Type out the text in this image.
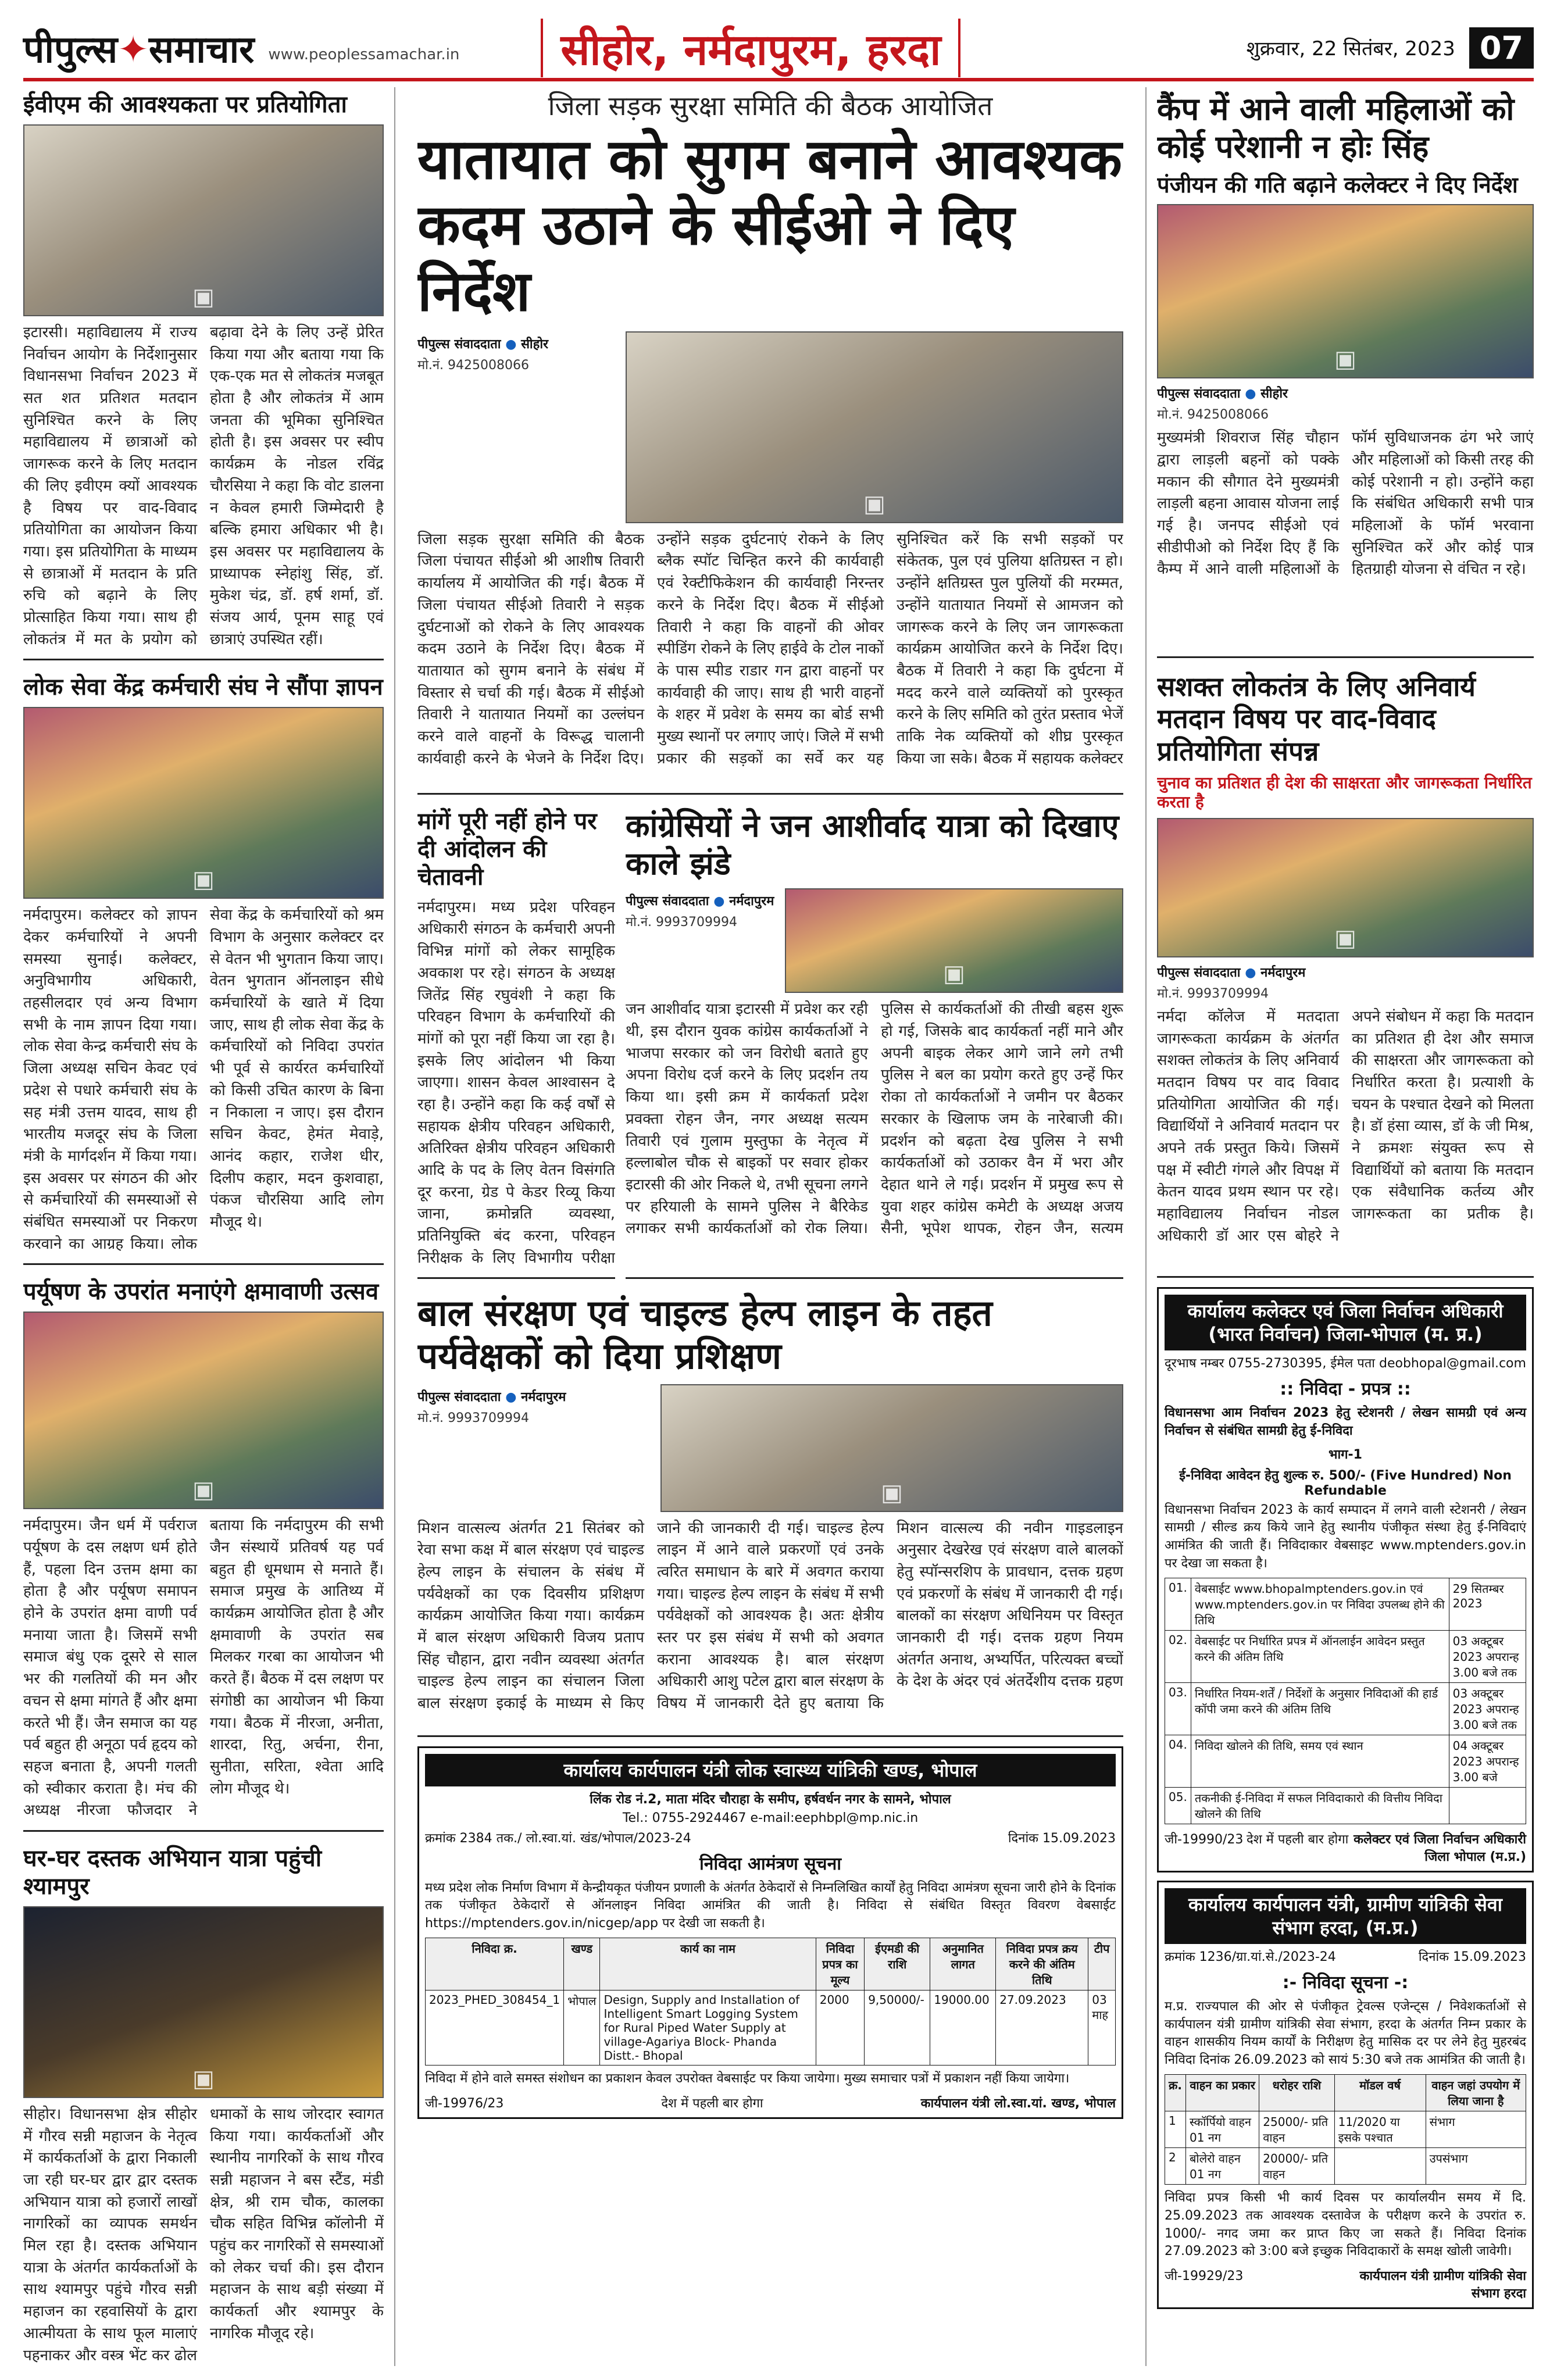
पीपुल्स✦समाचार www.peoplessamachar.in	सीहोर, नर्मदापुरम, हरदा	शुक्रवार, 22 सितंबर, 2023 07
ईवीएम की आवश्यकता पर प्रतियोगिता
▣
इटारसी। महाविद्यालय में राज्य निर्वाचन आयोग के निर्देशानुसार विधानसभा निर्वाचन 2023 में सत शत प्रतिशत मतदान सुनिश्चित करने के लिए महाविद्यालय में छात्राओं को जागरूक करने के लिए मतदान की लिए इवीएम क्यों आवश्यक है विषय पर वाद-विवाद प्रतियोगिता का आयोजन किया गया। इस प्रतियोगिता के माध्यम से छात्राओं में मतदान के प्रति रुचि को बढ़ाने के लिए प्रोत्साहित किया गया। साथ ही लोकतंत्र में मत के प्रयोग को बढ़ावा देने के लिए उन्हें प्रेरित किया गया और बताया गया कि एक-एक मत से लोकतंत्र मजबूत होता है और लोकतंत्र में आम जनता की भूमिका सुनिश्चित होती है। इस अवसर पर स्वीप कार्यक्रम के नोडल रविंद्र चौरसिया ने कहा कि वोट डालना न केवल हमारी जिम्मेदारी है बल्कि हमारा अधिकार भी है। इस अवसर पर महाविद्यालय के प्राध्यापक स्नेहांशु सिंह, डॉ. मुकेश चंद्र, डॉ. हर्ष शर्मा, डॉ. संजय आर्य, पूनम साहू एवं छात्राएं उपस्थित रहीं।
लोक सेवा केंद्र कर्मचारी संघ ने सौंपा ज्ञापन
▣
नर्मदापुरम। कलेक्टर को ज्ञापन देकर कर्मचारियों ने अपनी समस्या सुनाई। कलेक्टर, अनुविभागीय अधिकारी, तहसीलदार एवं अन्य विभाग सभी के नाम ज्ञापन दिया गया। लोक सेवा केन्द्र कर्मचारी संघ के जिला अध्यक्ष सचिन केवट एवं प्रदेश से पधारे कर्मचारी संघ के सह मंत्री उत्तम यादव, साथ ही भारतीय मजदूर संघ के जिला मंत्री के मार्गदर्शन में किया गया। इस अवसर पर संगठन की ओर से कर्मचारियों की समस्याओं से संबंधित समस्याओं पर निकरण करवाने का आग्रह किया। लोक सेवा केंद्र के कर्मचारियों को श्रम विभाग के अनुसार कलेक्टर दर से वेतन भी भुगतान किया जाए। वेतन भुगतान ऑनलाइन सीधे कर्मचारियों के खाते में दिया जाए, साथ ही लोक सेवा केंद्र के कर्मचारियों को निविदा उपरांत भी पूर्व से कार्यरत कर्मचारियों को किसी उचित कारण के बिना न निकाला न जाए। इस दौरान सचिन केवट, हेमंत मेवाड़े, आनंद कहार, राजेश धीर, दिलीप कहार, मदन कुशवाहा, पंकज चौरसिया आदि लोग मौजूद थे।
पर्यूषण के उपरांत मनाएंगे क्षमावाणी उत्सव
▣
नर्मदापुरम। जैन धर्म में पर्वराज पर्यूषण के दस लक्षण धर्म होते हैं, पहला दिन उत्तम क्षमा का होता है और पर्यूषण समापन होने के उपरांत क्षमा वाणी पर्व मनाया जाता है। जिसमें सभी समाज बंधु एक दूसरे से साल भर की गलतियों की मन और वचन से क्षमा मांगते हैं और क्षमा करते भी हैं। जैन समाज का यह पर्व बहुत ही अनूठा पर्व हृदय को सहज बनाता है, अपनी गलती को स्वीकार कराता है। मंच की अध्यक्ष नीरजा फौजदार ने बताया कि नर्मदापुरम की सभी जैन संस्थायें प्रतिवर्ष यह पर्व बहुत ही धूमधाम से मनाते हैं। समाज प्रमुख के आतिथ्य में कार्यक्रम आयोजित होता है और क्षमावाणी के उपरांत सब मिलकर गरबा का आयोजन भी करते हैं। बैठक में दस लक्षण पर संगोष्ठी का आयोजन भी किया गया। बैठक में नीरजा, अनीता, शारदा, रितु, अर्चना, रीना, सुनीता, सरिता, श्वेता आदि लोग मौजूद थे।
घर-घर दस्तक अभियान यात्रा पहुंची श्यामपुर
▣
सीहोर। विधानसभा क्षेत्र सीहोर में गौरव सन्नी महाजन के नेतृत्व में कार्यकर्ताओं के द्वारा निकाली जा रही घर-घर द्वार द्वार दस्तक अभियान यात्रा को हजारों लाखों नागरिकों का व्यापक समर्थन मिल रहा है। दस्तक अभियान यात्रा के अंतर्गत कार्यकर्ताओं के साथ श्यामपुर पहुंचे गौरव सन्नी महाजन का रहवासियों के द्वारा आत्मीयता के साथ फूल मालाएं पहनाकर और वस्त्र भेंट कर ढोल धमाकों के साथ जोरदार स्वागत किया गया। कार्यकर्ताओं और स्थानीय नागरिकों के साथ गौरव सन्नी महाजन ने बस स्टैंड, मंडी क्षेत्र, श्री राम चौक, कालका चौक सहित विभिन्न कॉलोनी में पहुंच कर नागरिकों से समस्याओं को लेकर चर्चा की। इस दौरान महाजन के साथ बड़ी संख्या में कार्यकर्ता और श्यामपुर के नागरिक मौजूद रहे।
जिला सड़क सुरक्षा समिति की बैठक आयोजित
यातायात को सुगम बनाने आवश्यक कदम उठाने के सीईओ ने दिए निर्देश
पीपुल्स संवाददाता ● सीहोर
मो.नं. 9425008066
▣
जिला सड़क सुरक्षा समिति की बैठक जिला पंचायत सीईओ श्री आशीष तिवारी कार्यालय में आयोजित की गई। बैठक में जिला पंचायत सीईओ तिवारी ने सड़क दुर्घटनाओं को रोकने के लिए आवश्यक कदम उठाने के निर्देश दिए। बैठक में यातायात को सुगम बनाने के संबंध में विस्तार से चर्चा की गई। बैठक में सीईओ तिवारी ने यातायात नियमों का उल्लंघन करने वाले वाहनों के विरूद्ध चालानी कार्यवाही करने के भेजने के निर्देश दिए। उन्होंने सड़क दुर्घटनाएं रोकने के लिए ब्लैक स्पॉट चिन्हित करने की कार्यवाही एवं रेक्टीफिकेशन की कार्यवाही निरन्तर करने के निर्देश दिए। बैठक में सीईओ तिवारी ने कहा कि वाहनों की ओवर स्पीडिंग रोकने के लिए हाईवे के टोल नाकों के पास स्पीड राडार गन द्वारा वाहनों पर कार्यवाही की जाए। साथ ही भारी वाहनों के शहर में प्रवेश के समय का बोर्ड सभी मुख्य स्थानों पर लगाए जाएं। जिले में सभी प्रकार की सड़कों का सर्वे कर यह सुनिश्चित करें कि सभी सड़कों पर संकेतक, पुल एवं पुलिया क्षतिग्रस्त न हो। उन्होंने क्षतिग्रस्त पुल पुलियों की मरम्मत, उन्होंने यातायात नियमों से आमजन को जागरूक करने के लिए जन जागरूकता कार्यक्रम आयोजित करने के निर्देश दिए। बैठक में तिवारी ने कहा कि दुर्घटना में मदद करने वाले व्यक्तियों को पुरस्कृत करने के लिए समिति को तुरंत प्रस्ताव भेजें ताकि नेक व्यक्तियों को शीघ्र पुरस्कृत किया जा सके। बैठक में सहायक कलेक्टर
मांगें पूरी नहीं होने पर दी आंदोलन की चेतावनी
नर्मदापुरम। मध्य प्रदेश परिवहन अधिकारी संगठन के कर्मचारी अपनी विभिन्न मांगों को लेकर सामूहिक अवकाश पर रहे। संगठन के अध्यक्ष जितेंद्र सिंह रघुवंशी ने कहा कि परिवहन विभाग के कर्मचारियों की मांगों को पूरा नहीं किया जा रहा है। इसके लिए आंदोलन भी किया जाएगा। शासन केवल आश्वासन दे रहा है। उन्होंने कहा कि कई वर्षों से सहायक क्षेत्रीय परिवहन अधिकारी, अतिरिक्त क्षेत्रीय परिवहन अधिकारी आदि के पद के लिए वेतन विसंगति दूर करना, ग्रेड पे केडर रिव्यू किया जाना, क्रमोन्नति व्यवस्था, प्रतिनियुक्ति बंद करना, परिवहन निरीक्षक के लिए विभागीय परीक्षा
कांग्रेसियों ने जन आशीर्वाद यात्रा को दिखाए काले झंडे
पीपुल्स संवाददाता ● नर्मदापुरम
मो.नं. 9993709994
▣
जन आशीर्वाद यात्रा इटारसी में प्रवेश कर रही थी, इस दौरान युवक कांग्रेस कार्यकर्ताओं ने भाजपा सरकार को जन विरोधी बताते हुए अपना विरोध दर्ज करने के लिए प्रदर्शन तय किया था। इसी क्रम में कार्यकर्ता प्रदेश प्रवक्ता रोहन जैन, नगर अध्यक्ष सत्यम तिवारी एवं गुलाम मुस्तुफा के नेतृत्व में हल्लाबोल चौक से बाइकों पर सवार होकर इटारसी की ओर निकले थे, तभी सूचना लगने पर हरियाली के सामने पुलिस ने बैरिकेड लगाकर सभी कार्यकर्ताओं को रोक लिया। पुलिस से कार्यकर्ताओं की तीखी बहस शुरू हो गई, जिसके बाद कार्यकर्ता नहीं माने और अपनी बाइक लेकर आगे जाने लगे तभी पुलिस ने बल का प्रयोग करते हुए उन्हें फिर रोका तो कार्यकर्ताओं ने जमीन पर बैठकर सरकार के खिलाफ जम के नारेबाजी की। प्रदर्शन को बढ़ता देख पुलिस ने सभी कार्यकर्ताओं को उठाकर वैन में भरा और देहात थाने ले गई। प्रदर्शन में प्रमुख रूप से युवा शहर कांग्रेस कमेटी के अध्यक्ष अजय सैनी, भूपेश थापक, रोहन जैन, सत्यम
बाल संरक्षण एवं चाइल्ड हेल्प लाइन के तहत पर्यवेक्षकों को दिया प्रशिक्षण
पीपुल्स संवाददाता ● नर्मदापुरम
मो.नं. 9993709994
▣
मिशन वात्सल्य अंतर्गत 21 सितंबर को रेवा सभा कक्ष में बाल संरक्षण एवं चाइल्ड हेल्प लाइन के संचालन के संबंध में पर्यवेक्षकों का एक दिवसीय प्रशिक्षण कार्यक्रम आयोजित किया गया। कार्यक्रम में बाल संरक्षण अधिकारी विजय प्रताप सिंह चौहान, द्वारा नवीन व्यवस्था अंतर्गत चाइल्ड हेल्प लाइन का संचालन जिला बाल संरक्षण इकाई के माध्यम से किए जाने की जानकारी दी गई। चाइल्ड हेल्प लाइन में आने वाले प्रकरणों एवं उनके त्वरित समाधान के बारे में अवगत कराया गया। चाइल्ड हेल्प लाइन के संबंध में सभी पर्यवेक्षकों को आवश्यक है। अतः क्षेत्रीय स्तर पर इस संबंध में सभी को अवगत कराना आवश्यक है। बाल संरक्षण अधिकारी आशु पटेल द्वारा बाल संरक्षण के विषय में जानकारी देते हुए बताया कि मिशन वात्सल्य की नवीन गाइडलाइन अनुसार देखरेख एवं संरक्षण वाले बालकों हेतु स्पॉन्सरशिप के प्रावधान, दत्तक ग्रहण एवं प्रकरणों के संबंध में जानकारी दी गई। बालकों का संरक्षण अधिनियम पर विस्तृत जानकारी दी गई। दत्तक ग्रहण नियम अंतर्गत अनाथ, अभ्यर्पित, परित्यक्त बच्चों के देश के अंदर एवं अंतर्देशीय दत्तक ग्रहण
कार्यालय कार्यपालन यंत्री लोक स्वास्थ्य यांत्रिकी खण्ड, भोपाल
लिंक रोड नं.2, माता मंदिर चौराहा के समीप, हर्षवर्धन नगर के सामने, भोपाल
Tel.: 0755-2924467 e-mail:eephbpl@mp.nic.in
क्रमांक 2384 तक./ लो.स्वा.यां. खंड/भोपाल/2023-24	दिनांक 15.09.2023
निविदा आमंत्रण सूचना
मध्य प्रदेश लोक निर्माण विभाग में केन्द्रीयकृत पंजीयन प्रणाली के अंतर्गत ठेकेदारों से निम्नलिखित कार्यों हेतु निविदा आमंत्रण सूचना जारी होने के दिनांक तक पंजीकृत ठेकेदारों से ऑनलाइन निविदा आमंत्रित की जाती है। निविदा से संबंधित विस्तृत विवरण वेबसाईट https://mptenders.gov.in/nicgep/app पर देखी जा सकती है।
निविदा क्र.	खण्ड	कार्य का नाम	निविदा प्रपत्र का मूल्य	ईएमडी की राशि	अनुमानित लागत	निविदा प्रपत्र क्रय करने की अंतिम तिथि	टीप
2023_PHED_308454_1	भोपाल	Design, Supply and Installation of Intelligent Smart Logging System for Rural Piped Water Supply at village-Agariya Block- Phanda Distt.- Bhopal	2000	9,50000/-	19000.00	27.09.2023	03 माह
निविदा में होने वाले समस्त संशोधन का प्रकाशन केवल उपरोक्त वेबसाईट पर किया जायेगा। मुख्य समाचार पत्रों में प्रकाशन नहीं किया जायेगा।
जी-19976/23	देश में पहली बार होगा	कार्यपालन यंत्री लो.स्वा.यां. खण्ड, भोपाल
कैंप में आने वाली महिलाओं को कोई परेशानी न होः सिंह
पंजीयन की गति बढ़ाने कलेक्टर ने दिए निर्देश
▣
पीपुल्स संवाददाता ● सीहोर
मो.नं. 9425008066
मुख्यमंत्री शिवराज सिंह चौहान द्वारा लाड़ली बहनों को पक्के मकान की सौगात देने मुख्यमंत्री लाड़ली बहना आवास योजना लाई गई है। जनपद सीईओ एवं सीडीपीओ को निर्देश दिए हैं कि कैम्प में आने वाली महिलाओं के फॉर्म सुविधाजनक ढंग भरे जाएं और महिलाओं को किसी तरह की कोई परेशानी न हो। उन्होंने कहा कि संबंधित अधिकारी सभी पात्र महिलाओं के फॉर्म भरवाना सुनिश्चित करें और कोई पात्र हितग्राही योजना से वंचित न रहे।
सशक्त लोकतंत्र के लिए अनिवार्य मतदान विषय पर वाद-विवाद प्रतियोगिता संपन्न
चुनाव का प्रतिशत ही देश की साक्षरता और जागरूकता निर्धारित करता है
▣
पीपुल्स संवाददाता ● नर्मदापुरम
मो.नं. 9993709994
नर्मदा कॉलेज में मतदाता जागरूकता कार्यक्रम के अंतर्गत सशक्त लोकतंत्र के लिए अनिवार्य मतदान विषय पर वाद विवाद प्रतियोगिता आयोजित की गई। विद्यार्थियों ने अनिवार्य मतदान पर अपने तर्क प्रस्तुत किये। जिसमें पक्ष में स्वीटी गंगले और विपक्ष में केतन यादव प्रथम स्थान पर रहे। महाविद्यालय निर्वाचन नोडल अधिकारी डॉ आर एस बोहरे ने अपने संबोधन में कहा कि मतदान का प्रतिशत ही देश और समाज की साक्षरता और जागरूकता को निर्धारित करता है। प्रत्याशी के चयन के पश्चात देखने को मिलता है। डॉ हंसा व्यास, डॉ के जी मिश्र, ने क्रमशः संयुक्त रूप से विद्यार्थियों को बताया कि मतदान एक संवैधानिक कर्तव्य और जागरूकता का प्रतीक है।
कार्यालय कलेक्टर एवं जिला निर्वाचन अधिकारी (भारत निर्वाचन) जिला-भोपाल (म. प्र.)
दूरभाष नम्बर 0755-2730395, ईमेल पता deobhopal@gmail.com
:: निविदा - प्रपत्र ::
विधानसभा आम निर्वाचन 2023 हेतु स्टेशनरी / लेखन सामग्री एवं अन्य निर्वाचन से संबंधित सामग्री हेतु ई-निविदा
भाग-1
ई-निविदा आवेदन हेतु शुल्क रु. 500/- (Five Hundred) Non Refundable
विधानसभा निर्वाचन 2023 के कार्य सम्पादन में लगने वाली स्टेशनरी / लेखन सामग्री / सील्ड क्रय किये जाने हेतु स्थानीय पंजीकृत संस्था हेतु ई-निविदाएं आमंत्रित की जाती हैं। निविदाकार वेबसाइट www.mptenders.gov.in पर देखा जा सकता है।
01.	वेबसाईट www.bhopalmptenders.gov.in एवं www.mptenders.gov.in पर निविदा उपलब्ध होने की तिथि	29 सितम्बर 2023
02.	वेबसाईट पर निर्धारित प्रपत्र में ऑनलाईन आवेदन प्रस्तुत करने की अंतिम तिथि	03 अक्टूबर 2023 अपरान्ह 3.00 बजे तक
03.	निर्धारित नियम-शर्तें / निर्देशों के अनुसार निविदाओं की हार्ड कॉपी जमा करने की अंतिम तिथि	03 अक्टूबर 2023 अपरान्ह 3.00 बजे तक
04.	निविदा खोलने की तिथि, समय एवं स्थान	04 अक्टूबर 2023 अपरान्ह 3.00 बजे
05.	तकनीकी ई-निविदा में सफल निविदाकारो की वित्तीय निविदा खोलने की तिथि	
जी-19990/23 देश में पहली बार होगा कलेक्टर एवं जिला निर्वाचन अधिकारी जिला भोपाल (म.प्र.)
कार्यालय कार्यपालन यंत्री, ग्रामीण यांत्रिकी सेवा संभाग हरदा, (म.प्र.)
क्रमांक 1236/ग्रा.यां.से./2023-24	दिनांक 15.09.2023
:- निविदा सूचना -:
म.प्र. राज्यपाल की ओर से पंजीकृत ट्रेवल्स एजेन्ट्स / निवेशकर्ताओं से कार्यपालन यंत्री ग्रामीण यांत्रिकी सेवा संभाग, हरदा के अंतर्गत निम्न प्रकार के वाहन शासकीय नियम कार्यों के निरीक्षण हेतु मासिक दर पर लेने हेतु मुहरबंद निविदा दिनांक 26.09.2023 को सायं 5:30 बजे तक आमंत्रित की जाती है।
क्र.	वाहन का प्रकार	धरोहर राशि	मॉडल वर्ष	वाहन जहां उपयोग में लिया जाना है
1	स्कॉर्पियो वाहन 01 नग	25000/- प्रति वाहन	11/2020 या इसके पश्चात	संभाग
2	बोलेरो वाहन 01 नग	20000/- प्रति वाहन		उपसंभाग
निविदा प्रपत्र किसी भी कार्य दिवस पर कार्यालयीन समय में दि. 25.09.2023 तक आवश्यक दस्तावेज के परीक्षण करने के उपरांत रु. 1000/- नगद जमा कर प्राप्त किए जा सकते हैं। निविदा दिनांक 27.09.2023 को 3:00 बजे इच्छुक निविदाकारों के समक्ष खोली जावेगी।
जी-19929/23	कार्यपालन यंत्री ग्रामीण यांत्रिकी सेवा संभाग हरदा
